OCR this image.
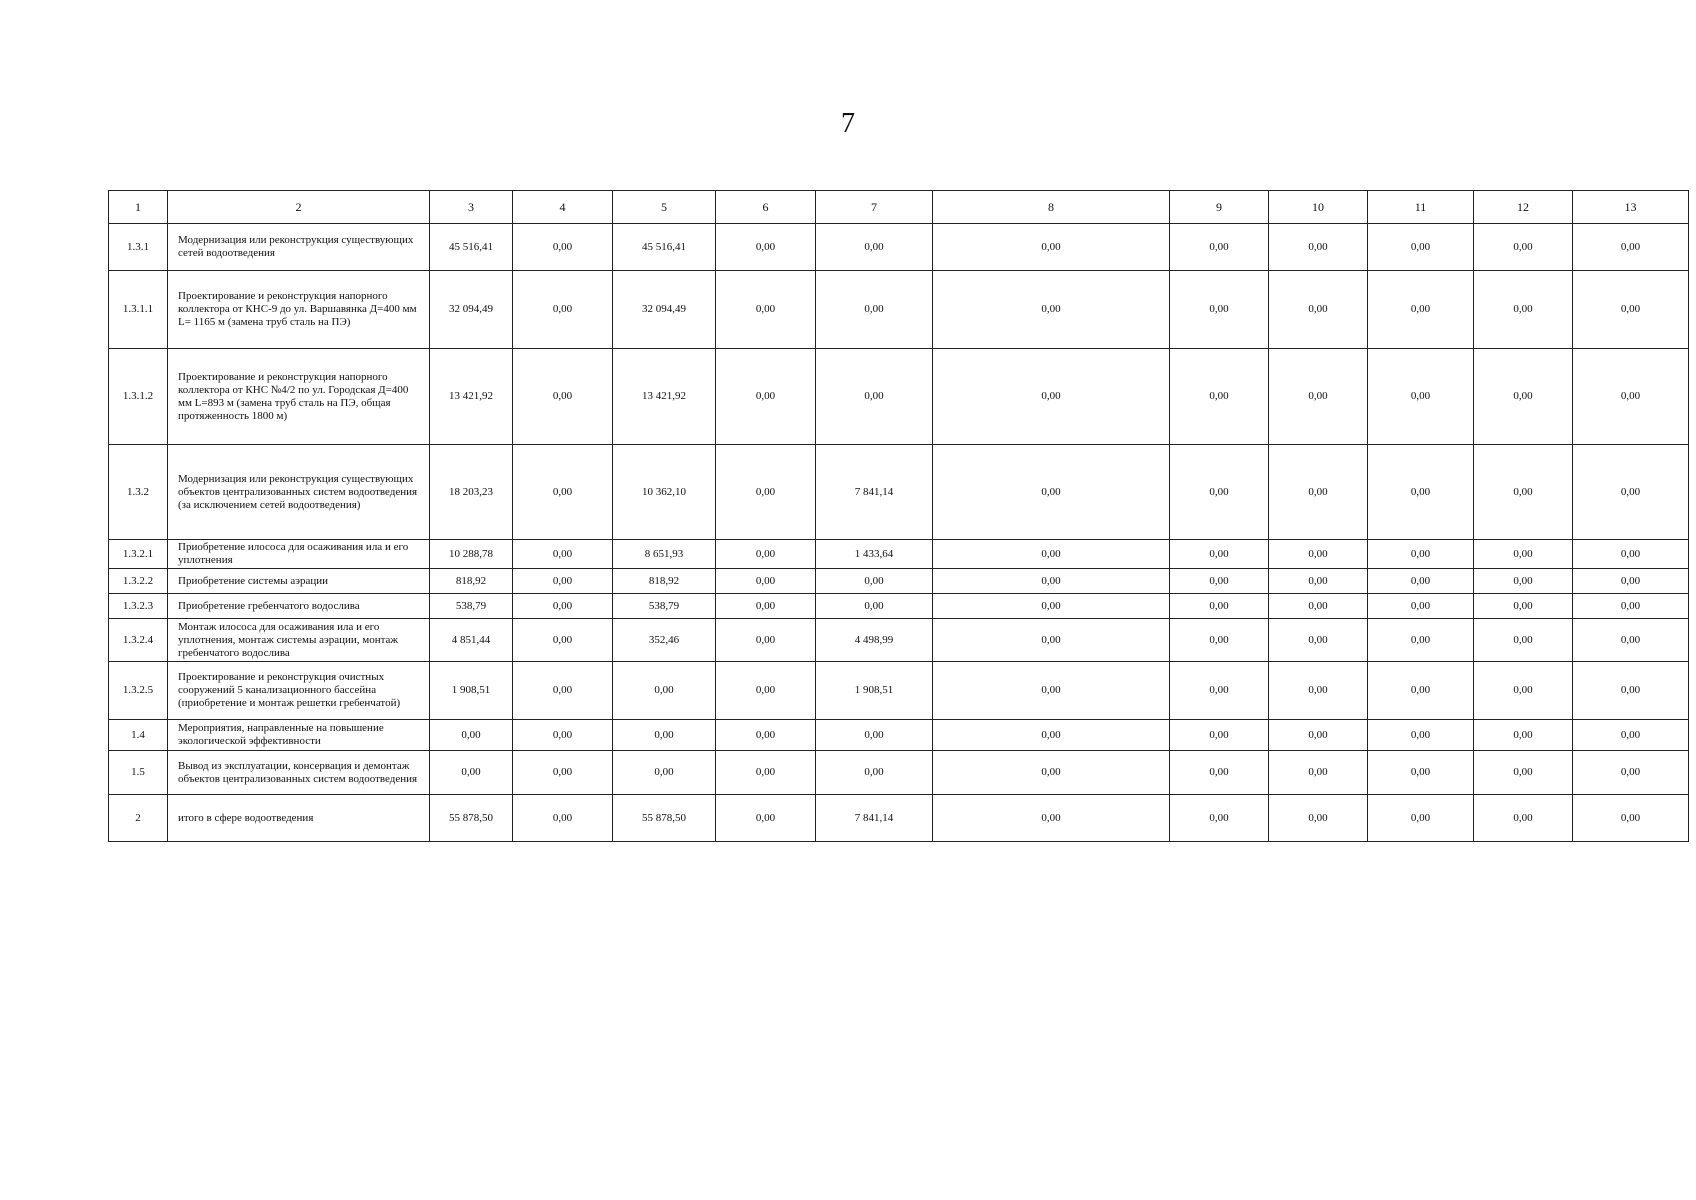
7
1	2	3	4	5	6	7	8	9	10	11	12	13
1.3.1	Модернизация или реконструкция существующих сетей водоотведения	45 516,41	0,00	45 516,41	0,00	0,00	0,00	0,00	0,00	0,00	0,00	0,00
1.3.1.1	Проектирование и реконструкция напорного коллектора от КНС-9 до ул. Варшавянка Д=400 мм L= 1165 м (замена труб сталь на ПЭ)	32 094,49	0,00	32 094,49	0,00	0,00	0,00	0,00	0,00	0,00	0,00	0,00
1.3.1.2	Проектирование и реконструкция напорного коллектора от КНС №4/2 по ул. Городская Д=400 мм L=893 м (замена труб сталь на ПЭ, общая протяженность 1800 м)	13 421,92	0,00	13 421,92	0,00	0,00	0,00	0,00	0,00	0,00	0,00	0,00
1.3.2	Модернизация или реконструкция существующих объектов централизованных систем водоотведения (за исключением сетей водоотведения)	18 203,23	0,00	10 362,10	0,00	7 841,14	0,00	0,00	0,00	0,00	0,00	0,00
1.3.2.1	Приобретение илососа для осаживания ила и его уплотнения	10 288,78	0,00	8 651,93	0,00	1 433,64	0,00	0,00	0,00	0,00	0,00	0,00
1.3.2.2	Приобретение системы аэрации	818,92	0,00	818,92	0,00	0,00	0,00	0,00	0,00	0,00	0,00	0,00
1.3.2.3	Приобретение гребенчатого водослива	538,79	0,00	538,79	0,00	0,00	0,00	0,00	0,00	0,00	0,00	0,00
1.3.2.4	Монтаж илососа для осаживания ила и его уплотнения, монтаж системы аэрации, монтаж гребенчатого водослива	4 851,44	0,00	352,46	0,00	4 498,99	0,00	0,00	0,00	0,00	0,00	0,00
1.3.2.5	Проектирование и реконструкция очистных сооружений 5 канализационного бассейна (приобретение и монтаж решетки гребенчатой)	1 908,51	0,00	0,00	0,00	1 908,51	0,00	0,00	0,00	0,00	0,00	0,00
1.4	Мероприятия, направленные на повышение экологической эффективности	0,00	0,00	0,00	0,00	0,00	0,00	0,00	0,00	0,00	0,00	0,00
1.5	Вывод из эксплуатации, консервация и демонтаж объектов централизованных систем водоотведения	0,00	0,00	0,00	0,00	0,00	0,00	0,00	0,00	0,00	0,00	0,00
2	итого в сфере водоотведения	55 878,50	0,00	55 878,50	0,00	7 841,14	0,00	0,00	0,00	0,00	0,00	0,00
